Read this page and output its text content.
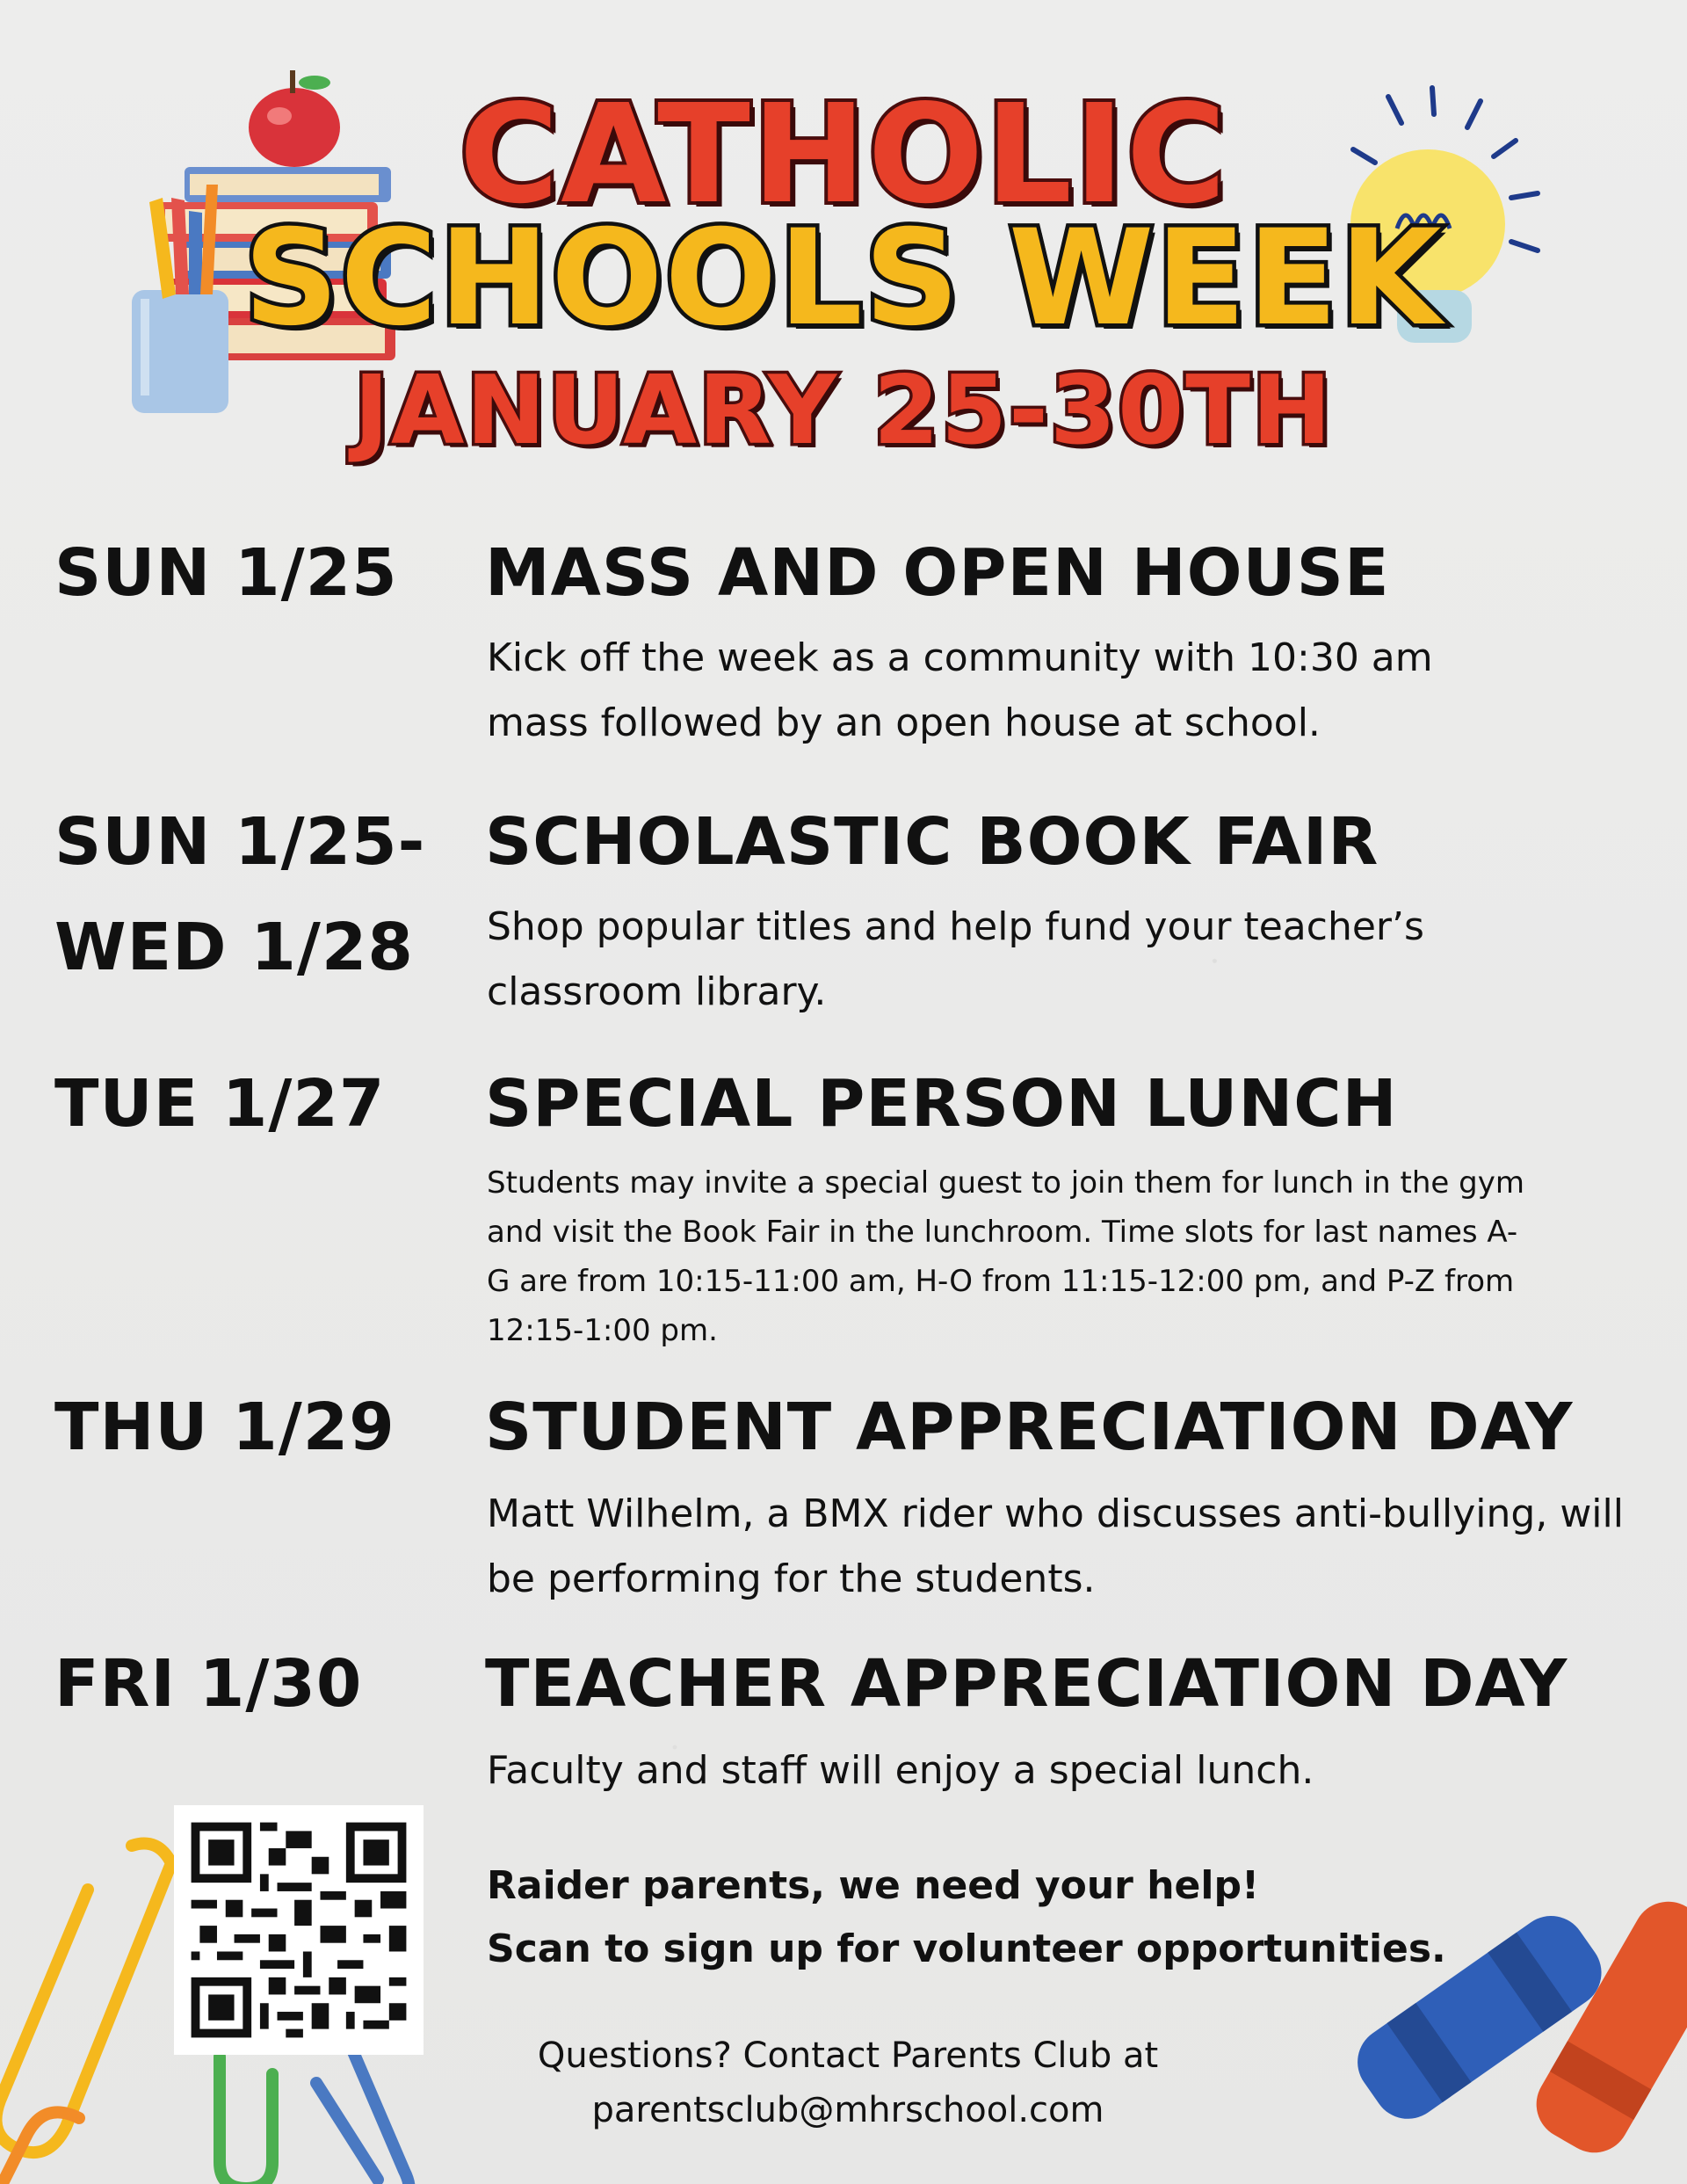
CATHOLIC
SCHOOLS WEEK
JANUARY 25-30TH
SUN 1/25 MASS AND OPEN HOUSE
Kick off the week as a community with 10:30 am mass followed by an open house at school.
SUN 1/25-
WED 1/28
SCHOLASTIC BOOK FAIR
Shop popular titles and help fund your teacher’s classroom library.
TUE 1/27 SPECIAL PERSON LUNCH
Students may invite a special guest to join them for lunch in the gym and visit the Book Fair in the lunchroom. Time slots for last names A-G are from 10:15-11:00 am, H-O from 11:15-12:00 pm, and P-Z from 12:15-1:00 pm.
THU 1/29 STUDENT APPRECIATION DAY
Matt Wilhelm, a BMX rider who discusses anti-bullying, will be performing for the students.
FRI 1/30 TEACHER APPRECIATION DAY
Faculty and staff will enjoy a special lunch.
Raider parents, we need your help!
Scan to sign up for volunteer opportunities.
Questions? Contact Parents Club at
parentsclub@mhrschool.com
